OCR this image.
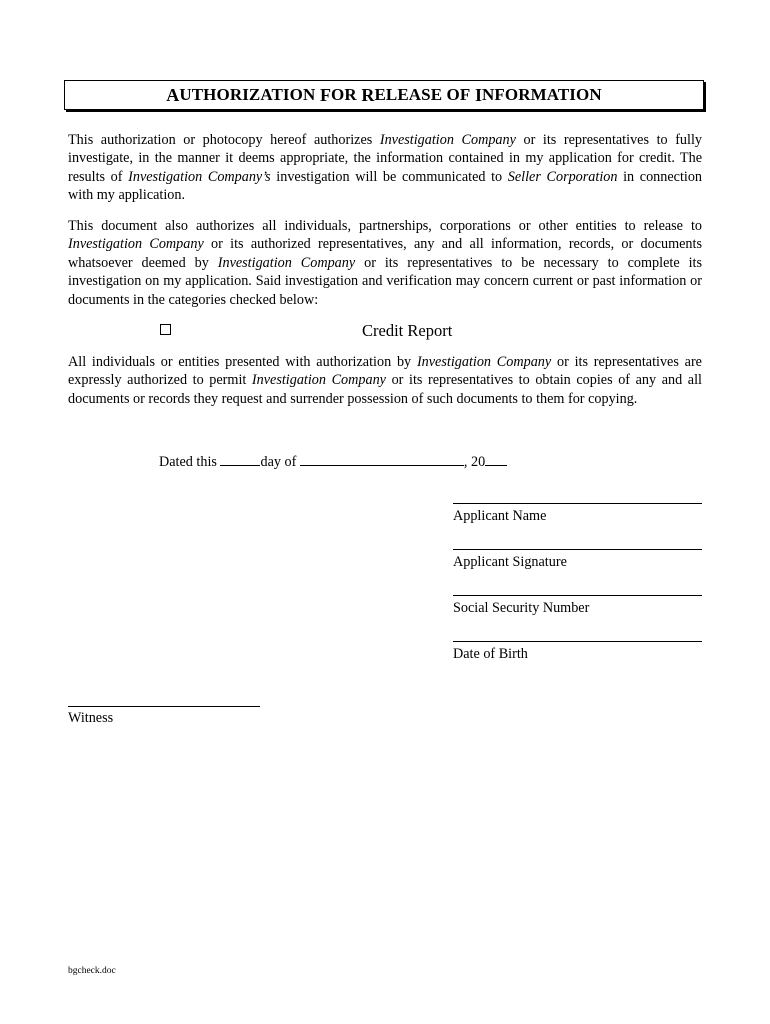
A UTHORIZATION
F OR
R ELEASE OF
I NFORMATION

This authorization or photocopy hereof authorizes Investigation Company or its representatives to fully investigate, in the manner it deems appropriate, the information contained in my application for credit. The results of Investigation Company’s investigation will be communicated to Seller Corporation in connection with my application.

This document also authorizes all individuals, partnerships, corporations or other entities to release to Investigation Company or its authorized representatives, any and all information, records, or documents whatsoever deemed by Investigation Company or its representatives to be necessary to complete its investigation on my application. Said investigation and verification may concern current or past information or documents in the categories checked below:

Credit Report

All individuals or entities presented with authorization by Investigation Company or its representatives are expressly authorized to permit Investigation Company or its representatives to obtain copies of any and all documents or records they request and surrender possession of such documents to them for copying.

Dated this	day of	, 20
Applicant Name
Applicant Signature
Social Security Number
Date of Birth
Witness
bgcheck.doc
